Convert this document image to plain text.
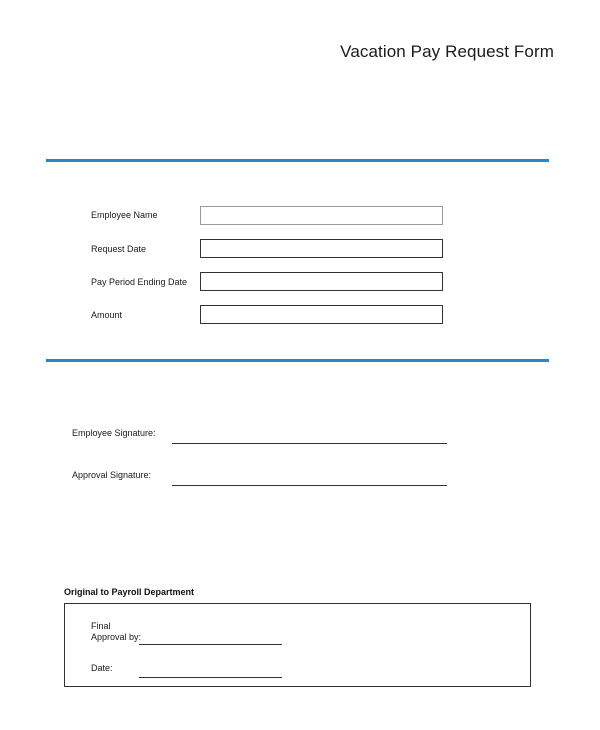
Vacation Pay Request Form
Employee Name
Request Date
Pay Period Ending Date
Amount
Employee Signature:
Approval Signature:
Original to Payroll Department
Final
Approval by:
Date:
